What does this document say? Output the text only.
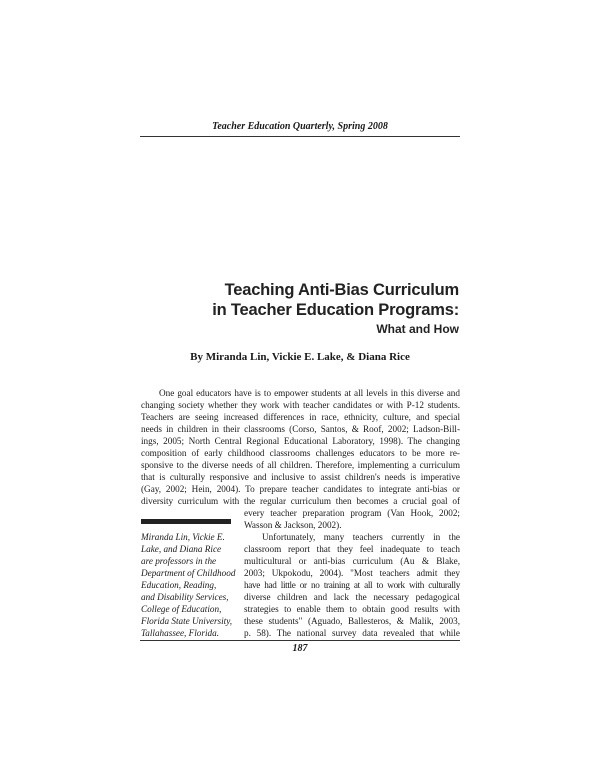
Teacher Education Quarterly, Spring 2008
Teaching Anti-Bias Curriculum
in Teacher Education Programs:
What and How
By Miranda Lin, Vickie E. Lake, & Diana Rice
One goal educators have is to empower students at all levels in this diverse and
changing society whether they work with teacher candidates or with P-12 students.
Teachers are seeing increased differences in race, ethnicity, culture, and special
needs in children in their classrooms (Corso, Santos, & Roof, 2002; Ladson-Bill-
ings, 2005; North Central Regional Educational Laboratory, 1998). The changing
composition of early childhood classrooms challenges educators to be more re-
sponsive to the diverse needs of all children. Therefore, implementing a curriculum
that is culturally responsive and inclusive to assist children's needs is imperative
(Gay, 2002; Hein, 2004). To prepare teacher candidates to integrate anti-bias or
diversity curriculum with the regular curriculum then becomes a crucial goal of
every teacher preparation program (Van Hook, 2002;
Wasson & Jackson, 2002).
Unfortunately, many teachers currently in the
classroom report that they feel inadequate to teach
multicultural or anti-bias curriculum (Au & Blake,
2003; Ukpokodu, 2004). "Most teachers admit they
have had little or no training at all to work with culturally
diverse children and lack the necessary pedagogical
strategies to enable them to obtain good results with
these students" (Aguado, Ballesteros, & Malik, 2003,
p. 58). The national survey data revealed that while
Miranda Lin, Vickie E.
Lake, and Diana Rice
are professors in the
Department of Childhood
Education, Reading,
and Disability Services,
College of Education,
Florida State University,
Tallahassee, Florida.
187
